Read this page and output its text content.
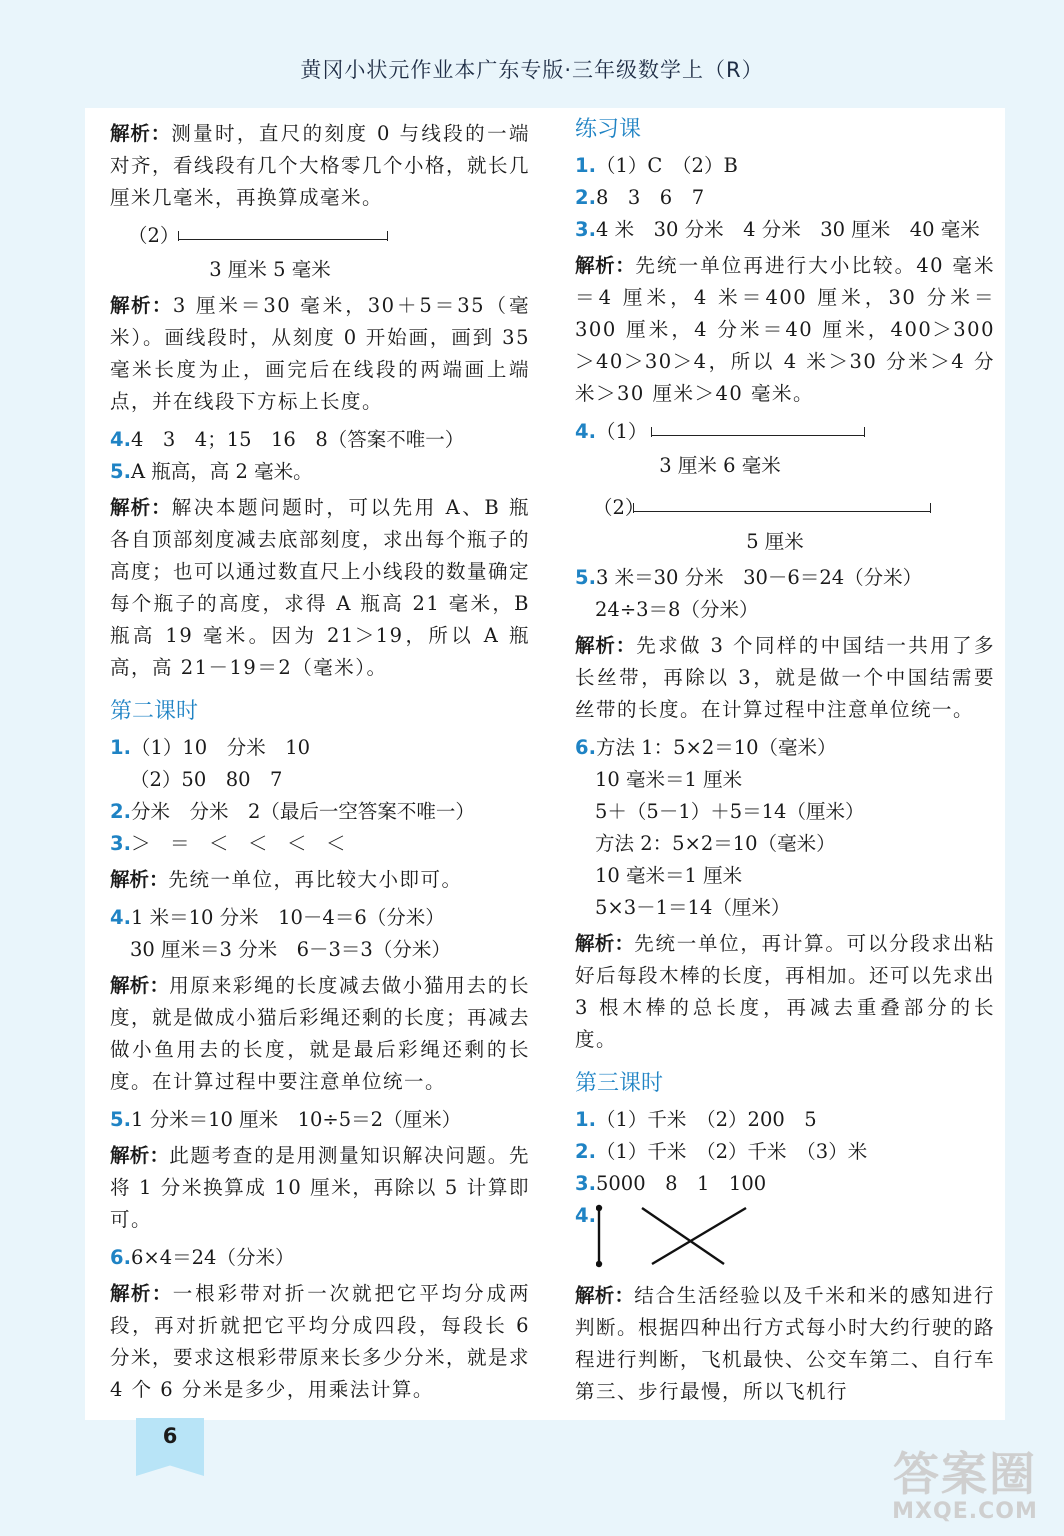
黄冈小状元作业本广东专版·三年级数学上（R）

解析：测量时，直尺的刻度 0 与线段的一端对齐，看线段有几个大格零几个小格，就长几厘米几毫米，再换算成毫米。

（2）
3 厘米 5 毫米

解析：3 厘米＝30 毫米，30＋5＝35（毫米）。画线段时，从刻度 0 开始画，画到 35 毫米长度为止，画完后在线段的两端画上端点，并在线段下方标上长度。

4.4　3　4；15　16　8（答案不唯一）

5.A 瓶高，高 2 毫米。

解析：解决本题问题时，可以先用 A、B 瓶各自顶部刻度减去底部刻度，求出每个瓶子的高度；也可以通过数直尺上小线段的数量确定每个瓶子的高度，求得 A 瓶高 21 毫米，B 瓶高 19 毫米。因为 21＞19，所以 A 瓶高，高 21－19＝2（毫米）。

第二课时

1.（1）10　分米　10

（2）50　80　7

2.分米　分米　2（最后一空答案不唯一）

3.＞　＝　＜　＜　＜　＜

解析：先统一单位，再比较大小即可。

4.1 米＝10 分米　10－4＝6（分米）

30 厘米＝3 分米　6－3＝3（分米）

解析：用原来彩绳的长度减去做小猫用去的长度，就是做成小猫后彩绳还剩的长度；再减去做小鱼用去的长度，就是最后彩绳还剩的长度。在计算过程中要注意单位统一。

5.1 分米＝10 厘米　10÷5＝2（厘米）

解析：此题考查的是用测量知识解决问题。先将 1 分米换算成 10 厘米，再除以 5 计算即可。

6.6×4＝24（分米）

解析：一根彩带对折一次就把它平均分成两段，再对折就把它平均分成四段，每段长 6 分米，要求这根彩带原来长多少分米，就是求 4 个 6 分米是多少，用乘法计算。

练习课

1.（1）C　（2）B

2.8　3　6　7

3.4 米　30 分米　4 分米　30 厘米　40 毫米

解析：先统一单位再进行大小比较。40 毫米＝4 厘米，4 米＝400 厘米，30 分米＝300 厘米，4 分米＝40 厘米，400＞300＞40＞30＞4，所以 4 米＞30 分米＞4 分米＞30 厘米＞40 毫米。

4. （1）
3 厘米 6 毫米
（2）
5 厘米

5.3 米＝30 分米　30－6＝24（分米）

24÷3＝8（分米）

解析：先求做 3 个同样的中国结一共用了多长丝带，再除以 3，就是做一个中国结需要丝带的长度。在计算过程中注意单位统一。

6.方法 1：5×2＝10（毫米）

10 毫米＝1 厘米

5＋（5－1）＋5＝14（厘米）

方法 2：5×2＝10（毫米）

10 毫米＝1 厘米

5×3－1＝14（厘米）

解析：先统一单位，再计算。可以分段求出粘好后每段木棒的长度，再相加。还可以先求出 3 根木棒的总长度，再减去重叠部分的长度。

第三课时

1.（1）千米　（2）200　5

2.（1）千米　（2）千米　（3）米

3.5000　8　1　100

4.

解析：结合生活经验以及千米和米的感知进行判断。根据四种出行方式每小时大约行驶的路程进行判断，飞机最快、公交车第二、自行车第三、步行最慢，所以飞机行

6
答案圈
MXQE.COM
